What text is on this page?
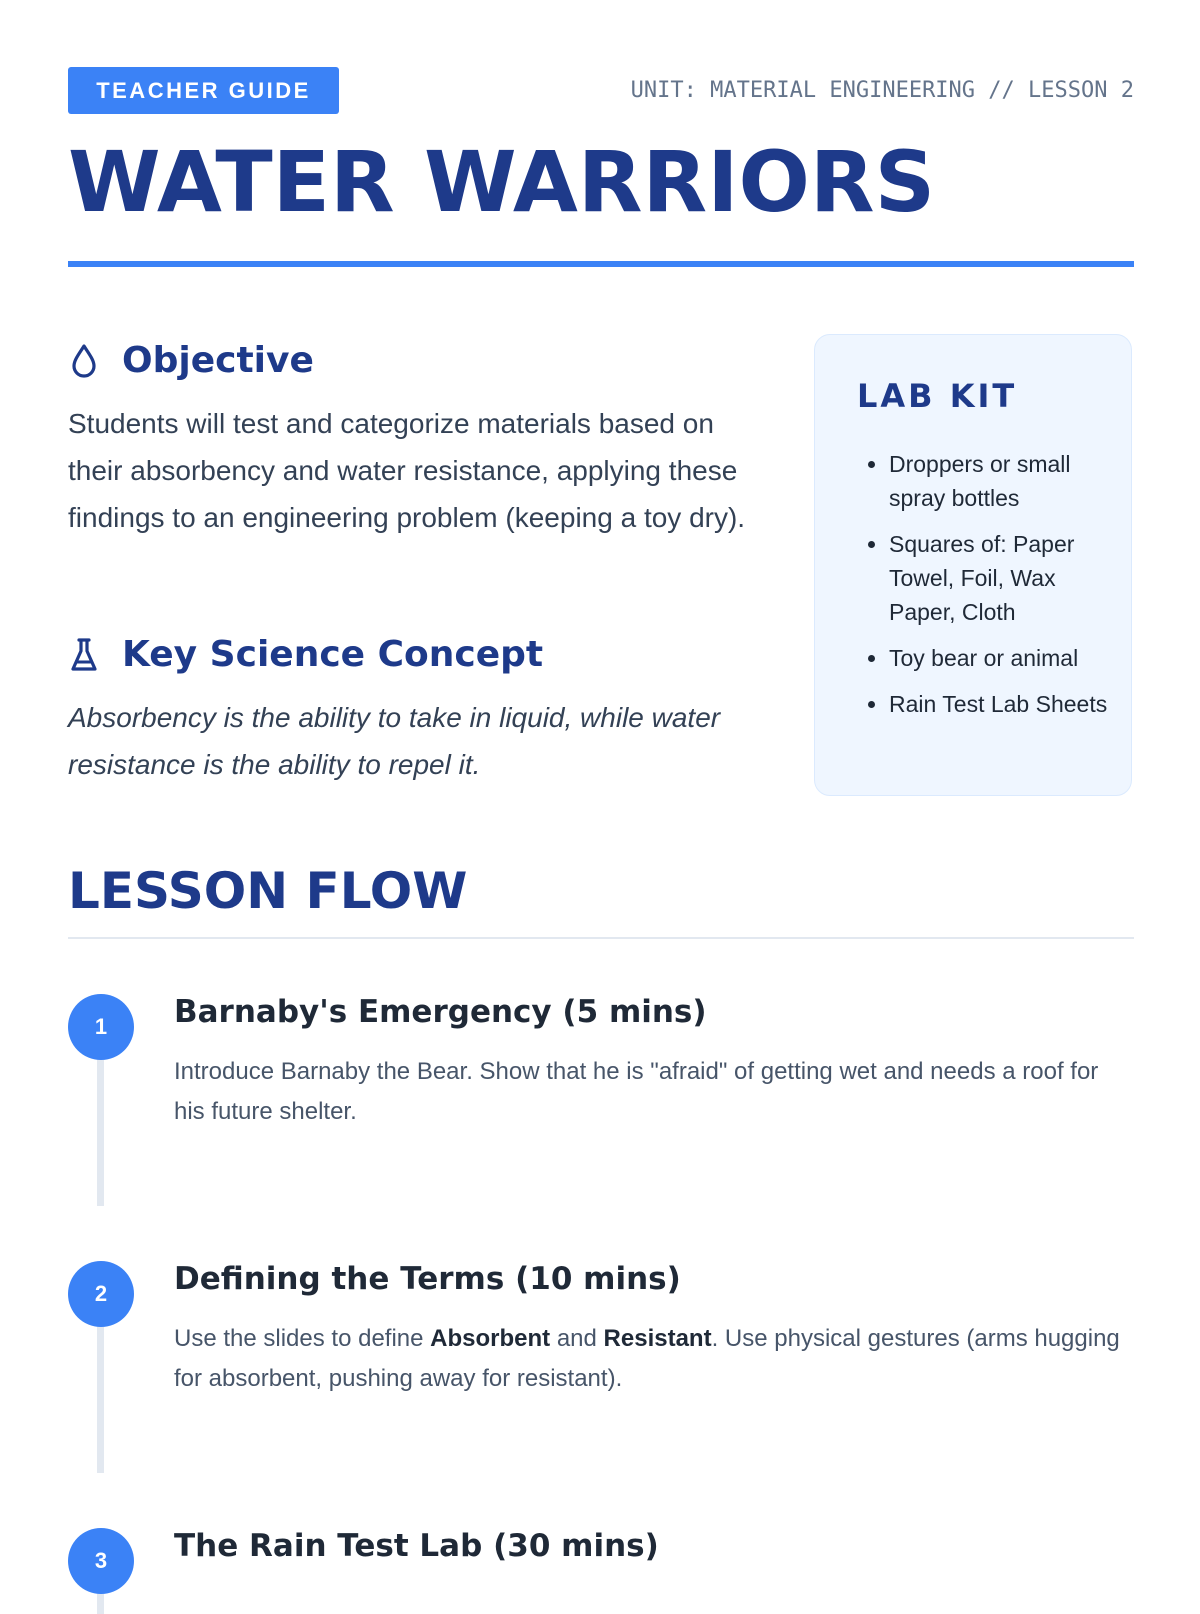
TEACHER GUIDE	UNIT: MATERIAL ENGINEERING // LESSON 2
WATER WARRIORS
Objective

Students will test and categorize materials based on their absorbency and water resistance, applying these findings to an engineering problem (keeping a toy dry).

Key Science Concept

Absorbency is the ability to take in liquid, while water resistance is the ability to repel it.

LAB KIT
• Droppers or small spray bottles
• Squares of: Paper Towel, Foil, Wax Paper, Cloth
• Toy bear or animal
• Rain Test Lab Sheets
LESSON FLOW
1	Barnaby's Emergency (5 mins)

Introduce Barnaby the Bear. Show that he is "afraid" of getting wet and needs a roof for his future shelter.

2	Defining the Terms (10 mins)

Use the slides to define Absorbent and Resistant. Use physical gestures (arms hugging for absorbent, pushing away for resistant).

3	The Rain Test Lab (30 mins)
